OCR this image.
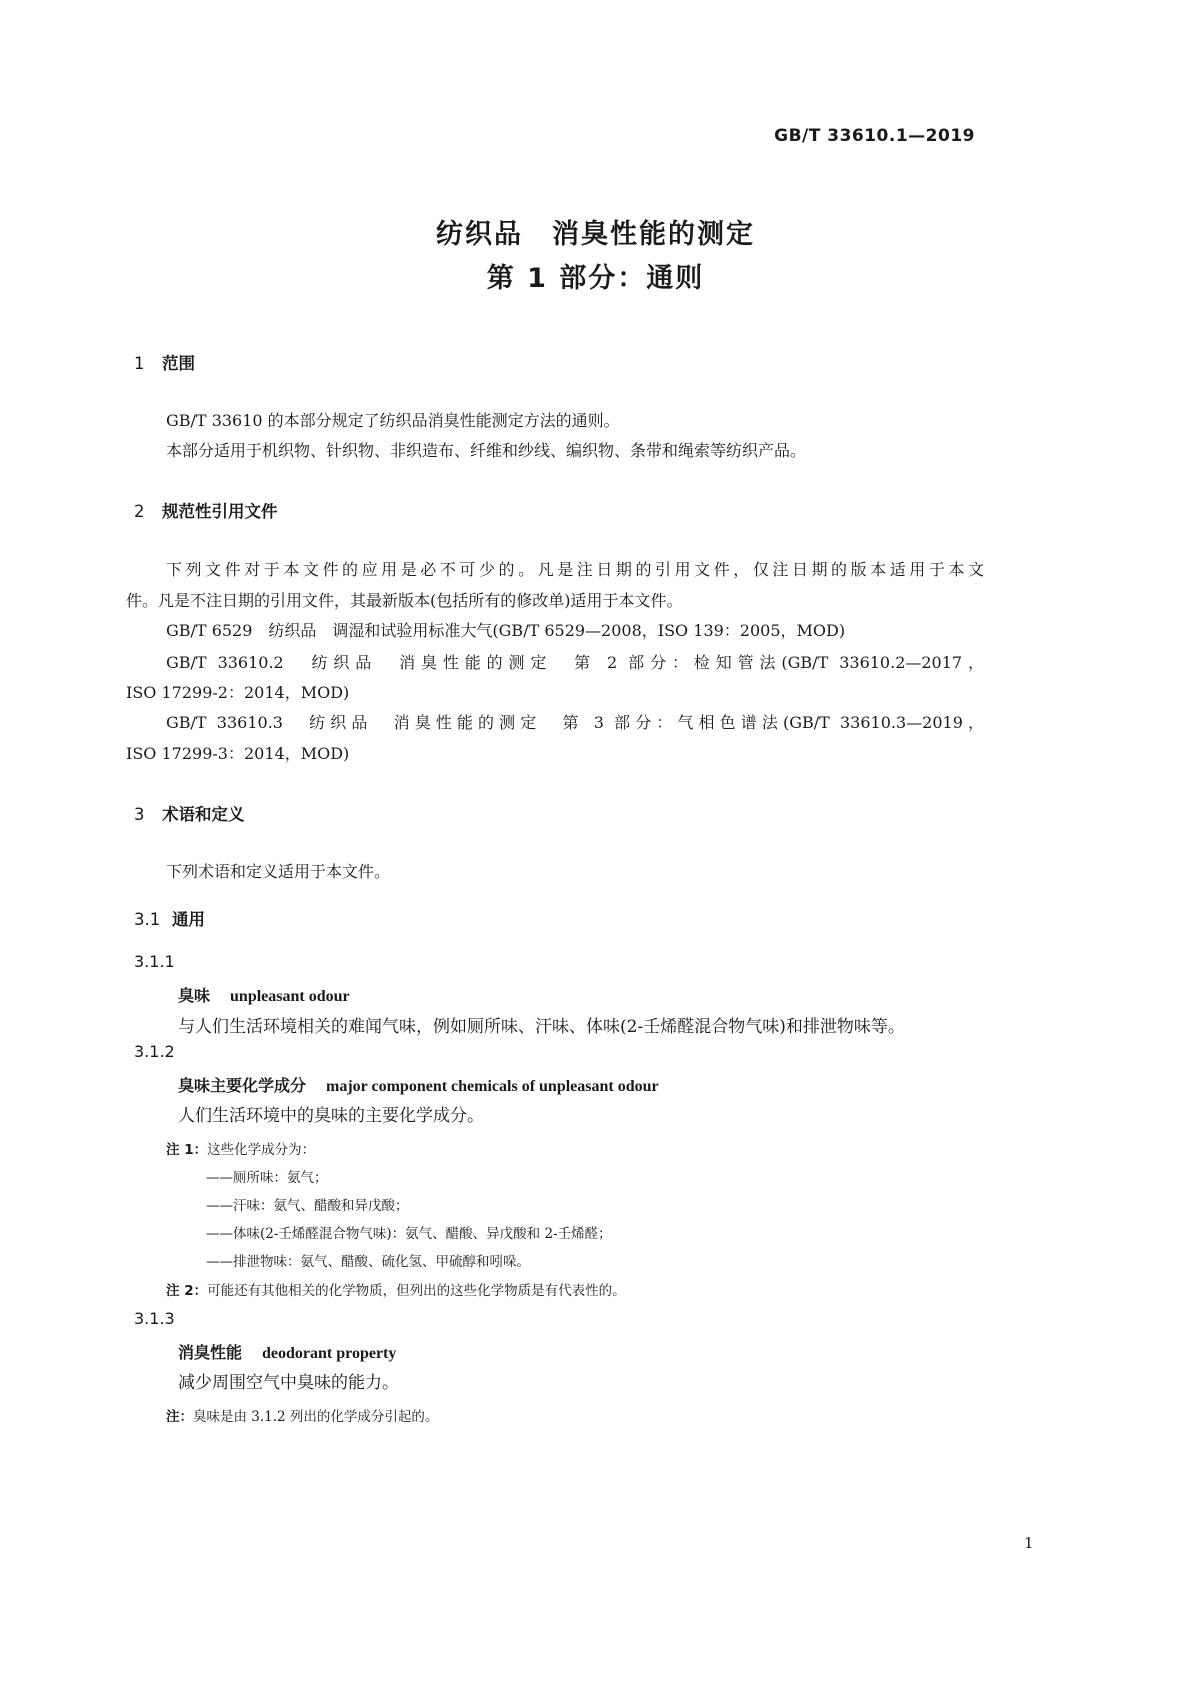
GB/T 33610.1—2019
纺织品　消臭性能的测定
第 1 部分：通则
1 范围
GB/T 33610 的本部分规定了纺织品消臭性能测定方法的通则。
本部分适用于机织物、针织物、非织造布、纤维和纱线、编织物、条带和绳索等纺织产品。
2 规范性引用文件
下列文件对于本文件的应用是必不可少的。凡是注日期的引用文件，仅注日期的版本适用于本文
件。凡是不注日期的引用文件，其最新版本(包括所有的修改单)适用于本文件。
GB/T 6529　纺织品　调湿和试验用标准大气(GB/T 6529—2008，ISO 139：2005，MOD)
GB/T 33610.2　纺织品　消臭性能的测定　第 2 部分：检知管法(GB/T 33610.2—2017，
ISO 17299-2：2014，MOD)
GB/T 33610.3　纺织品　消臭性能的测定　第 3 部分：气相色谱法(GB/T 33610.3—2019，
ISO 17299-3：2014，MOD)
3 术语和定义
下列术语和定义适用于本文件。
3.1 通用
3.1.1
臭味 unpleasant odour
与人们生活环境相关的难闻气味，例如厕所味、汗味、体味(2-壬烯醛混合物气味)和排泄物味等。
3.1.2
臭味主要化学成分 major component chemicals of unpleasant odour
人们生活环境中的臭味的主要化学成分。
注 1：这些化学成分为：
——厕所味：氨气；
——汗味：氨气、醋酸和异戊酸；
——体味(2-壬烯醛混合物气味)：氨气、醋酸、异戊酸和 2-壬烯醛；
——排泄物味：氨气、醋酸、硫化氢、甲硫醇和吲哚。
注 2：可能还有其他相关的化学物质，但列出的这些化学物质是有代表性的。
3.1.3
消臭性能 deodorant property
减少周围空气中臭味的能力。
注：臭味是由 3.1.2 列出的化学成分引起的。
1
